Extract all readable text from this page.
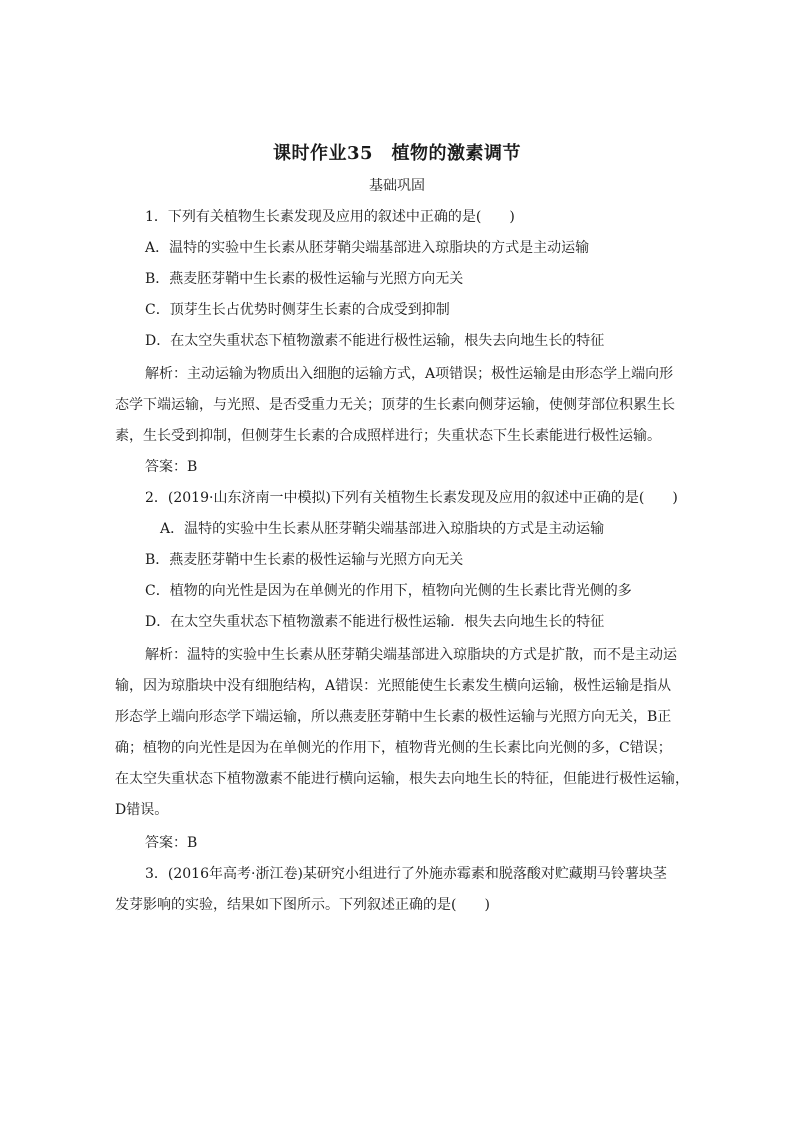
课时作业35　植物的激素调节
基础巩固
1．下列有关植物生长素发现及应用的叙述中正确的是(　　)
A．温特的实验中生长素从胚芽鞘尖端基部进入琼脂块的方式是主动运输
B．燕麦胚芽鞘中生长素的极性运输与光照方向无关
C．顶芽生长占优势时侧芽生长素的合成受到抑制
D．在太空失重状态下植物激素不能进行极性运输，根失去向地生长的特征
解析：主动运输为物质出入细胞的运输方式，A项错误；极性运输是由形态学上端向形
态学下端运输，与光照、是否受重力无关；顶芽的生长素向侧芽运输，使侧芽部位积累生长
素，生长受到抑制，但侧芽生长素的合成照样进行；失重状态下生长素能进行极性运输。
答案：B
2．(2019·山东济南一中模拟)下列有关植物生长素发现及应用的叙述中正确的是(　　)
A．温特的实验中生长素从胚芽鞘尖端基部进入琼脂块的方式是主动运输
B．燕麦胚芽鞘中生长素的极性运输与光照方向无关
C．植物的向光性是因为在单侧光的作用下，植物向光侧的生长素比背光侧的多
D．在太空失重状态下植物激素不能进行极性运输．根失去向地生长的特征
解析：温特的实验中生长素从胚芽鞘尖端基部进入琼脂块的方式是扩散，而不是主动运
输，因为琼脂块中没有细胞结构，A错误：光照能使生长素发生横向运输，极性运输是指从
形态学上端向形态学下端运输，所以燕麦胚芽鞘中生长素的极性运输与光照方向无关，B正
确；植物的向光性是因为在单侧光的作用下，植物背光侧的生长素比向光侧的多，C错误；
在太空失重状态下植物激素不能进行横向运输，根失去向地生长的特征，但能进行极性运输，
D错误。
答案：B
3．(2016年高考·浙江卷)某研究小组进行了外施赤霉素和脱落酸对贮藏期马铃薯块茎
发芽影响的实验，结果如下图所示。下列叙述正确的是(　　)
